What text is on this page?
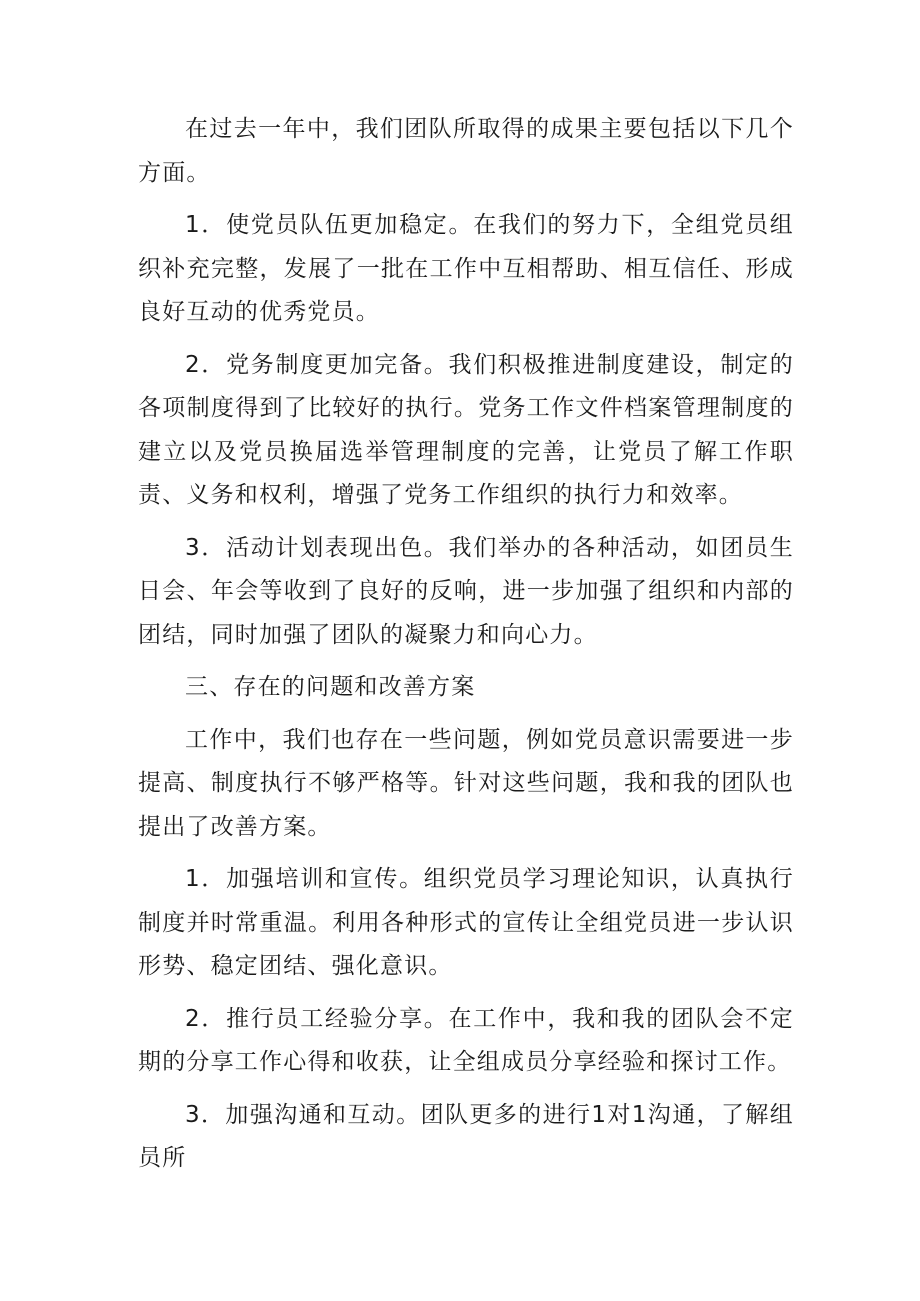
在过去一年中，我们团队所取得的成果主要包括以下几个方面。

1．使党员队伍更加稳定。在我们的努力下，全组党员组织补充完整，发展了一批在工作中互相帮助、相互信任、形成良好互动的优秀党员。

2．党务制度更加完备。我们积极推进制度建设，制定的各项制度得到了比较好的执行。党务工作文件档案管理制度的建立以及党员换届选举管理制度的完善，让党员了解工作职责、义务和权利，增强了党务工作组织的执行力和效率。

3．活动计划表现出色。我们举办的各种活动，如团员生日会、年会等收到了良好的反响，进一步加强了组织和内部的团结，同时加强了团队的凝聚力和向心力。

三、存在的问题和改善方案

工作中，我们也存在一些问题，例如党员意识需要进一步提高、制度执行不够严格等。针对这些问题，我和我的团队也提出了改善方案。

1．加强培训和宣传。组织党员学习理论知识，认真执行制度并时常重温。利用各种形式的宣传让全组党员进一步认识形势、稳定团结、强化意识。

2．推行员工经验分享。在工作中，我和我的团队会不定期的分享工作心得和收获，让全组成员分享经验和探讨工作。

3．加强沟通和互动。团队更多的进行1对1沟通，了解组员所
